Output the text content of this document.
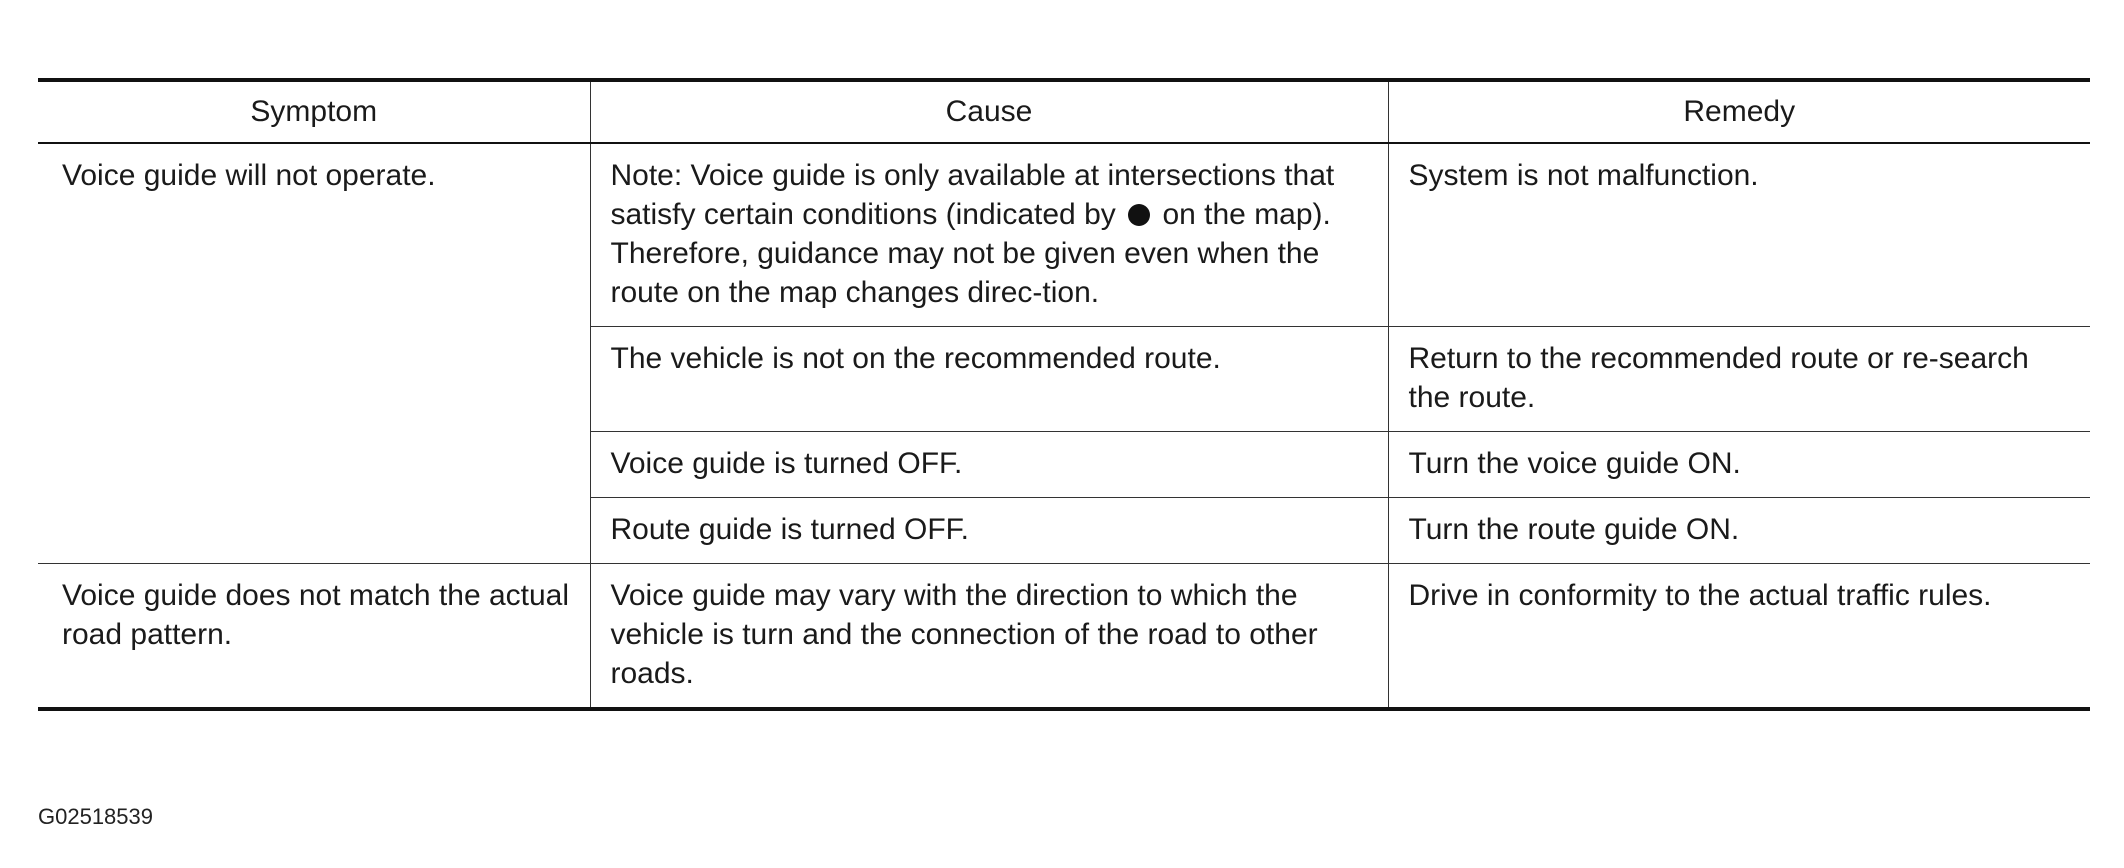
Symptom	Cause	Remedy
Voice guide will not operate.	Note: Voice guide is only available at intersections that satisfy certain conditions (indicated by on the map). Therefore, guidance may not be given even when the route on the map changes direc-tion.	System is not malfunction.
	The vehicle is not on the recommended route.	Return to the recommended route or re-search the route.
	Voice guide is turned OFF.	Turn the voice guide ON.
	Route guide is turned OFF.	Turn the route guide ON.
Voice guide does not match the actual road pattern.	Voice guide may vary with the direction to which the vehicle is turn and the connection of the road to other roads.	Drive in conformity to the actual traffic rules.
G02518539
